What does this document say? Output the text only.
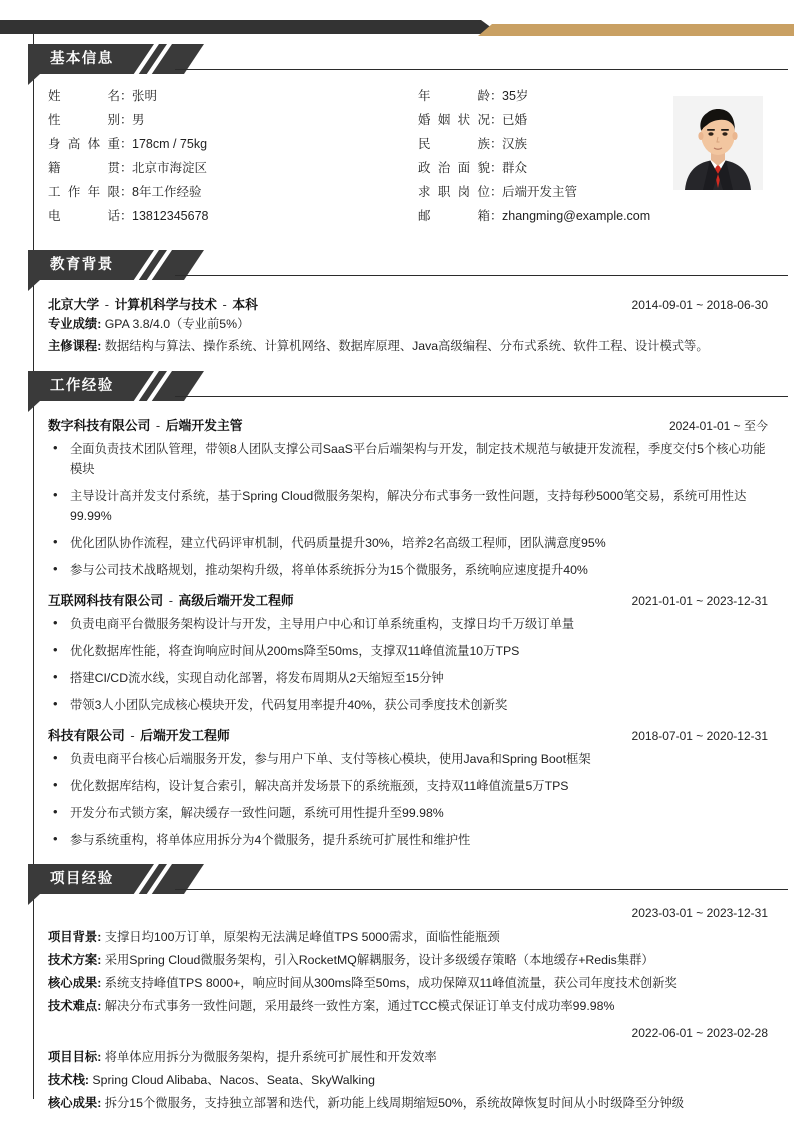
基本信息
姓名 ： 张明
性别 ： 男
身高体重 ： 178cm / 75kg
籍贯 ： 北京市海淀区
工作年限 ： 8年工作经验
电话 ： 13812345678
年龄 ： 35岁
婚姻状况 ： 已婚
民族 ： 汉族
政治面貌 ： 群众
求职岗位 ： 后端开发主管
邮箱 ： zhangming@example.com
教育背景
北京大学 - 计算机科学与技术 - 本科	2014-09-01 ~ 2018-06-30
专业成绩: GPA 3.8/4.0（专业前5%）
主修课程: 数据结构与算法、操作系统、计算机网络、数据库原理、Java高级编程、分布式系统、软件工程、设计模式等。
工作经验
数字科技有限公司 - 后端开发主管	2024-01-01 ~ 至今
• 全面负责技术团队管理，带领8人团队支撑公司SaaS平台后端架构与开发，制定技术规范与敏捷开发流程，季度交付5个核心功能模块
• 主导设计高并发支付系统，基于Spring Cloud微服务架构，解决分布式事务一致性问题，支持每秒5000笔交易，系统可用性达99.99%
• 优化团队协作流程，建立代码评审机制，代码质量提升30%，培养2名高级工程师，团队满意度95%
• 参与公司技术战略规划，推动架构升级，将单体系统拆分为15个微服务，系统响应速度提升40%
互联网科技有限公司 - 高级后端开发工程师	2021-01-01 ~ 2023-12-31
• 负责电商平台微服务架构设计与开发，主导用户中心和订单系统重构，支撑日均千万级订单量
• 优化数据库性能，将查询响应时间从200ms降至50ms，支撑双11峰值流量10万TPS
• 搭建CI/CD流水线，实现自动化部署，将发布周期从2天缩短至15分钟
• 带领3人小团队完成核心模块开发，代码复用率提升40%，获公司季度技术创新奖
科技有限公司 - 后端开发工程师	2018-07-01 ~ 2020-12-31
• 负责电商平台核心后端服务开发，参与用户下单、支付等核心模块，使用Java和Spring Boot框架
• 优化数据库结构，设计复合索引，解决高并发场景下的系统瓶颈，支持双11峰值流量5万TPS
• 开发分布式锁方案，解决缓存一致性问题，系统可用性提升至99.98%
• 参与系统重构，将单体应用拆分为4个微服务，提升系统可扩展性和维护性
项目经验
2023-03-01 ~ 2023-12-31
项目背景: 支撑日均100万订单，原架构无法满足峰值TPS 5000需求，面临性能瓶颈
技术方案: 采用Spring Cloud微服务架构，引入RocketMQ解耦服务，设计多级缓存策略（本地缓存+Redis集群）
核心成果: 系统支持峰值TPS 8000+，响应时间从300ms降至50ms，成功保障双11峰值流量，获公司年度技术创新奖
技术难点: 解决分布式事务一致性问题，采用最终一致性方案，通过TCC模式保证订单支付成功率99.98%
2022-06-01 ~ 2023-02-28
项目目标: 将单体应用拆分为微服务架构，提升系统可扩展性和开发效率
技术栈: Spring Cloud Alibaba、Nacos、Seata、SkyWalking
核心成果: 拆分15个微服务，支持独立部署和迭代，新功能上线周期缩短50%，系统故障恢复时间从小时级降至分钟级
